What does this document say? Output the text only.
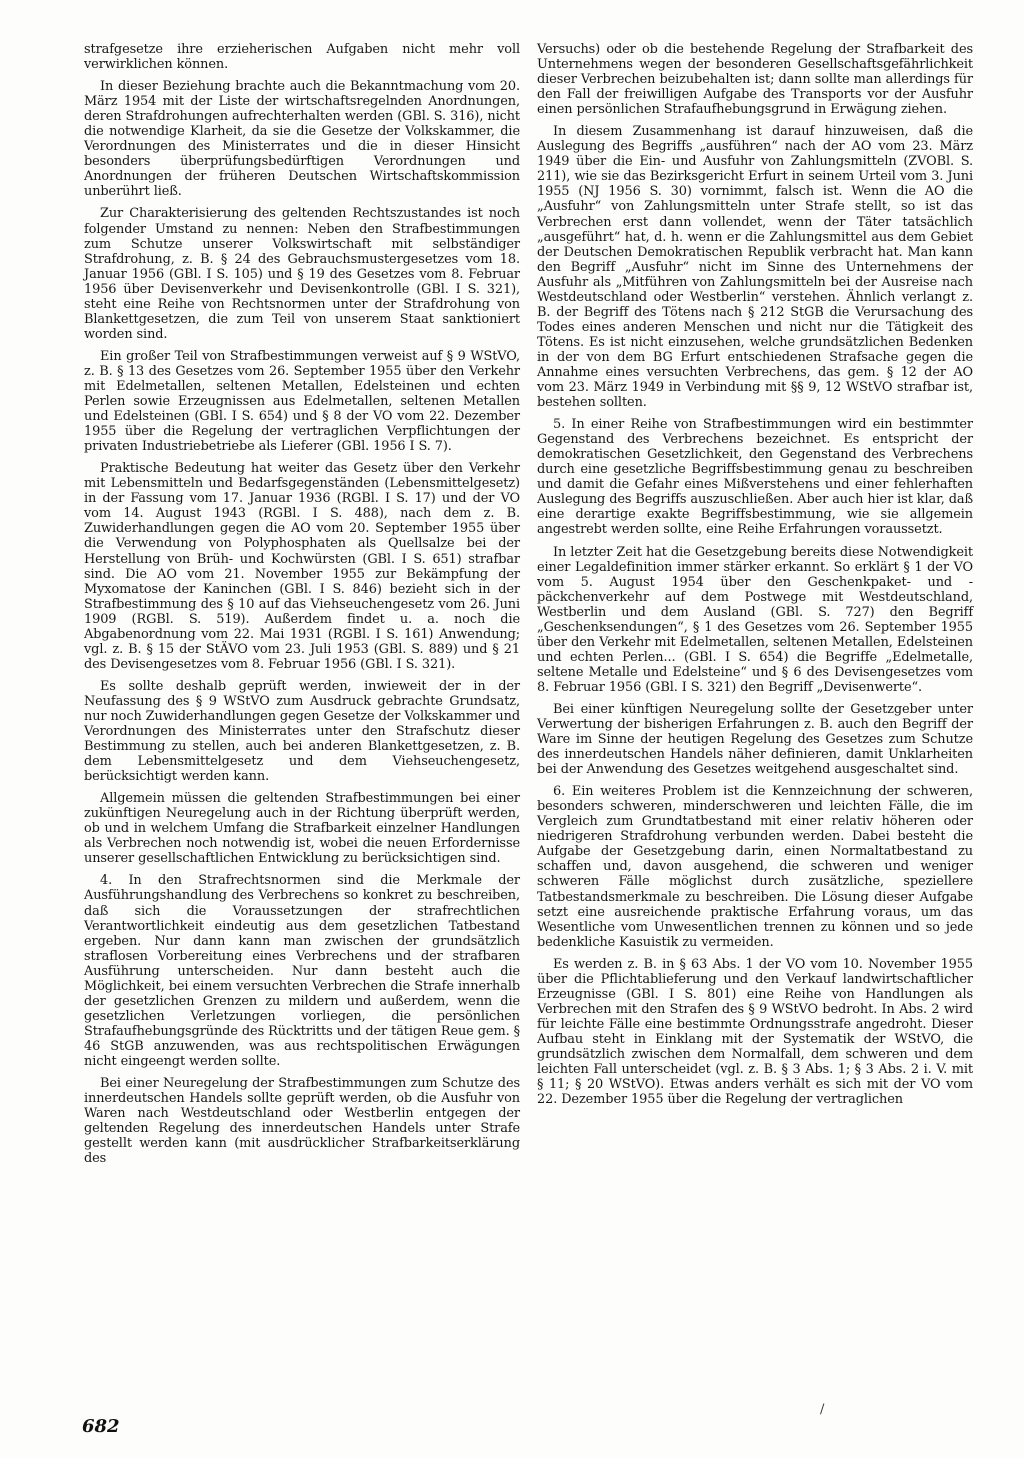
strafgesetze ihre erzieherischen Aufgaben nicht mehr voll verwirklichen können.

In dieser Beziehung brachte auch die Bekanntmachung vom 20. März 1954 mit der Liste der wirtschaftsregelnden Anordnungen, deren Strafdrohungen aufrechterhalten werden (GBl. S. 316), nicht die notwendige Klarheit, da sie die Gesetze der Volkskammer, die Verordnungen des Ministerrates und die in dieser Hinsicht besonders überprüfungsbedürftigen Verordnungen und Anordnungen der früheren Deutschen Wirtschaftskommission unberührt ließ.

Zur Charakterisierung des geltenden Rechtszustandes ist noch folgender Umstand zu nennen: Neben den Strafbestimmungen zum Schutze unserer Volkswirtschaft mit selbständiger Strafdrohung, z. B. § 24 des Gebrauchsmustergesetzes vom 18. Januar 1956 (GBl. I S. 105) und § 19 des Gesetzes vom 8. Februar 1956 über Devisenverkehr und Devisenkontrolle (GBl. I S. 321), steht eine Reihe von Rechtsnormen unter der Strafdrohung von Blankettgesetzen, die zum Teil von unserem Staat sanktioniert worden sind.

Ein großer Teil von Strafbestimmungen verweist auf § 9 WStVO, z. B. § 13 des Gesetzes vom 26. September 1955 über den Verkehr mit Edelmetallen, seltenen Metallen, Edelsteinen und echten Perlen sowie Erzeugnissen aus Edelmetallen, seltenen Metallen und Edelsteinen (GBl. I S. 654) und § 8 der VO vom 22. Dezember 1955 über die Regelung der vertraglichen Verpflichtungen der privaten Industriebetriebe als Lieferer (GBl. 1956 I S. 7).

Praktische Bedeutung hat weiter das Gesetz über den Verkehr mit Lebensmitteln und Bedarfsgegenständen (Lebensmittelgesetz) in der Fassung vom 17. Januar 1936 (RGBl. I S. 17) und der VO vom 14. August 1943 (RGBl. I S. 488), nach dem z. B. Zuwiderhandlungen gegen die AO vom 20. September 1955 über die Verwendung von Polyphosphaten als Quellsalze bei der Herstellung von Brüh- und Kochwürsten (GBl. I S. 651) strafbar sind. Die AO vom 21. November 1955 zur Bekämpfung der Myxomatose der Kaninchen (GBl. I S. 846) bezieht sich in der Strafbestimmung des § 10 auf das Viehseuchengesetz vom 26. Juni 1909 (RGBl. S. 519). Außerdem findet u. a. noch die Abgabenordnung vom 22. Mai 1931 (RGBl. I S. 161) Anwendung; vgl. z. B. § 15 der StÄVO vom 23. Juli 1953 (GBl. S. 889) und § 21 des Devisengesetzes vom 8. Februar 1956 (GBl. I S. 321).

Es sollte deshalb geprüft werden, inwieweit der in der Neufassung des § 9 WStVO zum Ausdruck gebrachte Grundsatz, nur noch Zuwiderhandlungen gegen Gesetze der Volkskammer und Verordnungen des Ministerrates unter den Strafschutz dieser Bestimmung zu stellen, auch bei anderen Blankettgesetzen, z. B. dem Lebensmittelgesetz und dem Viehseuchengesetz, berücksichtigt werden kann.

Allgemein müssen die geltenden Strafbestimmungen bei einer zukünftigen Neuregelung auch in der Richtung überprüft werden, ob und in welchem Umfang die Strafbarkeit einzelner Handlungen als Verbrechen noch notwendig ist, wobei die neuen Erfordernisse unserer gesellschaftlichen Entwicklung zu berücksichtigen sind.

4. In den Strafrechtsnormen sind die Merkmale der Ausführungshandlung des Verbrechens so konkret zu beschreiben, daß sich die Voraussetzungen der strafrechtlichen Verantwortlichkeit eindeutig aus dem gesetzlichen Tatbestand ergeben. Nur dann kann man zwischen der grundsätzlich straflosen Vorbereitung eines Verbrechens und der strafbaren Ausführung unterscheiden. Nur dann besteht auch die Möglichkeit, bei einem versuchten Verbrechen die Strafe innerhalb der gesetzlichen Grenzen zu mildern und außerdem, wenn die gesetzlichen Verletzungen vorliegen, die persönlichen Strafaufhebungsgründe des Rücktritts und der tätigen Reue gem. § 46 StGB anzuwenden, was aus rechtspolitischen Erwägungen nicht eingeengt werden sollte.

Bei einer Neuregelung der Strafbestimmungen zum Schutze des innerdeutschen Handels sollte geprüft werden, ob die Ausfuhr von Waren nach Westdeutschland oder Westberlin entgegen der geltenden Regelung des innerdeutschen Handels unter Strafe gestellt werden kann (mit ausdrücklicher Strafbarkeitserklärung des

Versuchs) oder ob die bestehende Regelung der Strafbarkeit des Unternehmens wegen der besonderen Gesellschaftsgefährlichkeit dieser Verbrechen beizubehalten ist; dann sollte man allerdings für den Fall der freiwilligen Aufgabe des Transports vor der Ausfuhr einen persönlichen Strafaufhebungsgrund in Erwägung ziehen.

In diesem Zusammenhang ist darauf hinzuweisen, daß die Auslegung des Begriffs „ausführen“ nach der AO vom 23. März 1949 über die Ein- und Ausfuhr von Zahlungsmitteln (ZVOBl. S. 211), wie sie das Bezirksgericht Erfurt in seinem Urteil vom 3. Juni 1955 (NJ 1956 S. 30) vornimmt, falsch ist. Wenn die AO die „Ausfuhr“ von Zahlungsmitteln unter Strafe stellt, so ist das Verbrechen erst dann vollendet, wenn der Täter tatsächlich „ausgeführt“ hat, d. h. wenn er die Zahlungsmittel aus dem Gebiet der Deutschen Demokratischen Republik verbracht hat. Man kann den Begriff „Ausfuhr“ nicht im Sinne des Unternehmens der Ausfuhr als „Mitführen von Zahlungsmitteln bei der Ausreise nach Westdeutschland oder Westberlin“ verstehen. Ähnlich verlangt z. B. der Begriff des Tötens nach § 212 StGB die Verursachung des Todes eines anderen Menschen und nicht nur die Tätigkeit des Tötens. Es ist nicht einzusehen, welche grundsätzlichen Bedenken in der von dem BG Erfurt entschiedenen Strafsache gegen die Annahme eines versuchten Verbrechens, das gem. § 12 der AO vom 23. März 1949 in Verbindung mit §§ 9, 12 WStVO strafbar ist, bestehen sollten.

5. In einer Reihe von Strafbestimmungen wird ein bestimmter Gegenstand des Verbrechens bezeichnet. Es entspricht der demokratischen Gesetzlichkeit, den Gegenstand des Verbrechens durch eine gesetzliche Begriffsbestimmung genau zu beschreiben und damit die Gefahr eines Mißverstehens und einer fehlerhaften Auslegung des Begriffs auszuschließen. Aber auch hier ist klar, daß eine derartige exakte Begriffsbestimmung, wie sie allgemein angestrebt werden sollte, eine Reihe Erfahrungen voraussetzt.

In letzter Zeit hat die Gesetzgebung bereits diese Notwendigkeit einer Legaldefinition immer stärker erkannt. So erklärt § 1 der VO vom 5. August 1954 über den Geschenkpaket- und -päckchenverkehr auf dem Postwege mit Westdeutschland, Westberlin und dem Ausland (GBl. S. 727) den Begriff „Geschenksendungen“, § 1 des Gesetzes vom 26. September 1955 über den Verkehr mit Edelmetallen, seltenen Metallen, Edelsteinen und echten Perlen... (GBl. I S. 654) die Begriffe „Edelmetalle, seltene Metalle und Edelsteine“ und § 6 des Devisengesetzes vom 8. Februar 1956 (GBl. I S. 321) den Begriff „Devisenwerte“.

Bei einer künftigen Neuregelung sollte der Gesetzgeber unter Verwertung der bisherigen Erfahrungen z. B. auch den Begriff der Ware im Sinne der heutigen Regelung des Gesetzes zum Schutze des innerdeutschen Handels näher definieren, damit Unklarheiten bei der Anwendung des Gesetzes weitgehend ausgeschaltet sind.

6. Ein weiteres Problem ist die Kennzeichnung der schweren, besonders schweren, minderschweren und leichten Fälle, die im Vergleich zum Grundtatbestand mit einer relativ höheren oder niedrigeren Strafdrohung verbunden werden. Dabei besteht die Aufgabe der Gesetzgebung darin, einen Normaltatbestand zu schaffen und, davon ausgehend, die schweren und weniger schweren Fälle möglichst durch zusätzliche, speziellere Tatbestandsmerkmale zu beschreiben. Die Lösung dieser Aufgabe setzt eine ausreichende praktische Erfahrung voraus, um das Wesentliche vom Unwesentlichen trennen zu können und so jede bedenkliche Kasuistik zu vermeiden.

Es werden z. B. in § 63 Abs. 1 der VO vom 10. November 1955 über die Pflichtablieferung und den Verkauf landwirtschaftlicher Erzeugnisse (GBl. I S. 801) eine Reihe von Handlungen als Verbrechen mit den Strafen des § 9 WStVO bedroht. In Abs. 2 wird für leichte Fälle eine bestimmte Ordnungsstrafe angedroht. Dieser Aufbau steht in Einklang mit der Systematik der WStVO, die grundsätzlich zwischen dem Normalfall, dem schweren und dem leichten Fall unterscheidet (vgl. z. B. § 3 Abs. 1; § 3 Abs. 2 i. V. mit § 11; § 20 WStVO). Etwas anders verhält es sich mit der VO vom 22. Dezember 1955 über die Regelung der vertraglichen

682
/
